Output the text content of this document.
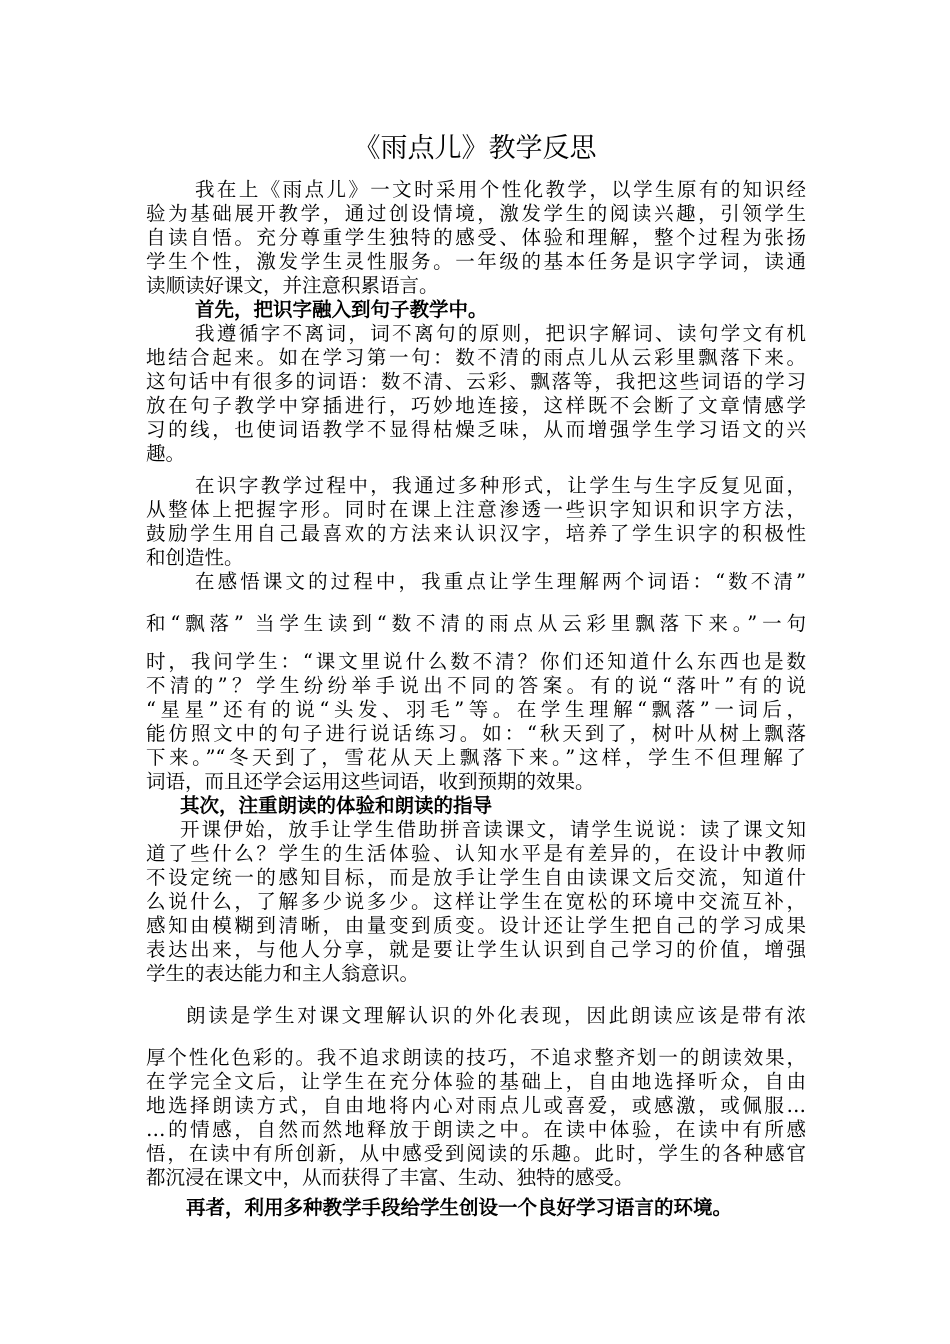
《雨点儿》教学反思
我在上《雨点儿》一文时采用个性化教学，以学生原有的知识经
验为基础展开教学，通过创设情境，激发学生的阅读兴趣，引领学生
自读自悟。充分尊重学生独特的感受、体验和理解，整个过程为张扬
学生个性，激发学生灵性服务。一年级的基本任务是识字学词，读通
读顺读好课文，并注意积累语言。
首先，把识字融入到句子教学中。
我遵循字不离词，词不离句的原则，把识字解词、读句学文有机
地结合起来。如在学习第一句：数不清的雨点儿从云彩里飘落下来。
这句话中有很多的词语：数不清、云彩、飘落等，我把这些词语的学习
放在句子教学中穿插进行，巧妙地连接，这样既不会断了文章情感学
习的线，也使词语教学不显得枯燥乏味，从而增强学生学习语文的兴
趣。
在识字教学过程中，我通过多种形式，让学生与生字反复见面，
从整体上把握字形。同时在课上注意渗透一些识字知识和识字方法，
鼓励学生用自己最喜欢的方法来认识汉字，培养了学生识字的积极性
和创造性。
在感悟课文的过程中，我重点让学生理解两个词语：“数不清”
和“飘落” 当学生读到“数不清的雨点从云彩里飘落下来。”一句
时，我问学生：“课文里说什么数不清？你们还知道什么东西也是数
不清的”？学生纷纷举手说出不同的答案。有的说“落叶”有的说
“星星”还有的说“头发、羽毛”等。在学生理解“飘落”一词后，
能仿照文中的句子进行说话练习。如：“秋天到了，树叶从树上飘落
下来。”“冬天到了，雪花从天上飘落下来。”这样，学生不但理解了
词语，而且还学会运用这些词语，收到预期的效果。
其次，注重朗读的体验和朗读的指导
开课伊始，放手让学生借助拼音读课文，请学生说说：读了课文知
道了些什么？学生的生活体验、认知水平是有差异的，在设计中教师
不设定统一的感知目标，而是放手让学生自由读课文后交流，知道什
么说什么，了解多少说多少。这样让学生在宽松的环境中交流互补，
感知由模糊到清晰，由量变到质变。设计还让学生把自己的学习成果
表达出来，与他人分享，就是要让学生认识到自己学习的价值，增强
学生的表达能力和主人翁意识。
朗读是学生对课文理解认识的外化表现，因此朗读应该是带有浓
厚个性化色彩的。我不追求朗读的技巧，不追求整齐划一的朗读效果，
在学完全文后，让学生在充分体验的基础上，自由地选择听众，自由
地选择朗读方式，自由地将内心对雨点儿或喜爱，或感激，或佩服…
…的情感，自然而然地释放于朗读之中。在读中体验，在读中有所感
悟，在读中有所创新，从中感受到阅读的乐趣。此时，学生的各种感官
都沉浸在课文中，从而获得了丰富、生动、独特的感受。
再者，利用多种教学手段给学生创设一个良好学习语言的环境。
